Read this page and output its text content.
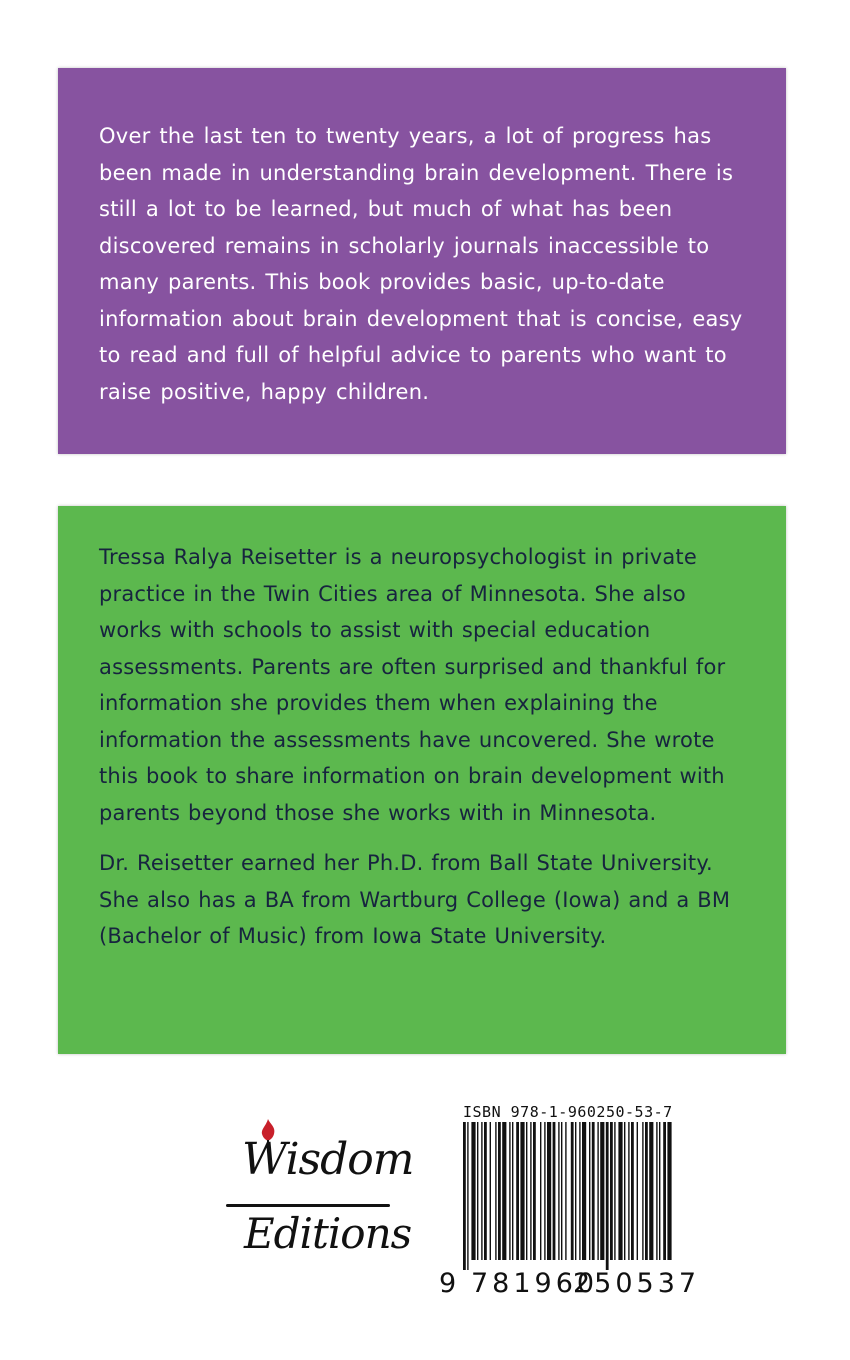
Over the last ten to twenty years, a lot of progress has been made in understanding brain development. There is still a lot to be learned, but much of what has been discovered remains in scholarly journals inaccessible to many parents. This book provides basic, up-to-date information about brain development that is concise, easy to read and full of helpful advice to parents who want to raise positive, happy children.

Tressa Ralya Reisetter is a neuropsychologist in private practice in the Twin Cities area of Minnesota. She also works with schools to assist with special education assessments. Parents are often surprised and thankful for information she provides them when explaining the information the assessments have uncovered. She wrote this book to share information on brain development with parents beyond those she works with in Minnesota.

Dr. Reisetter earned her Ph.D. from Ball State University. She also has a BA from Wartburg College (Iowa) and a BM (Bachelor of Music) from Iowa State University.

Wisdom
Editions
ISBN 978-1-960250-53-7
9 781960
250537
